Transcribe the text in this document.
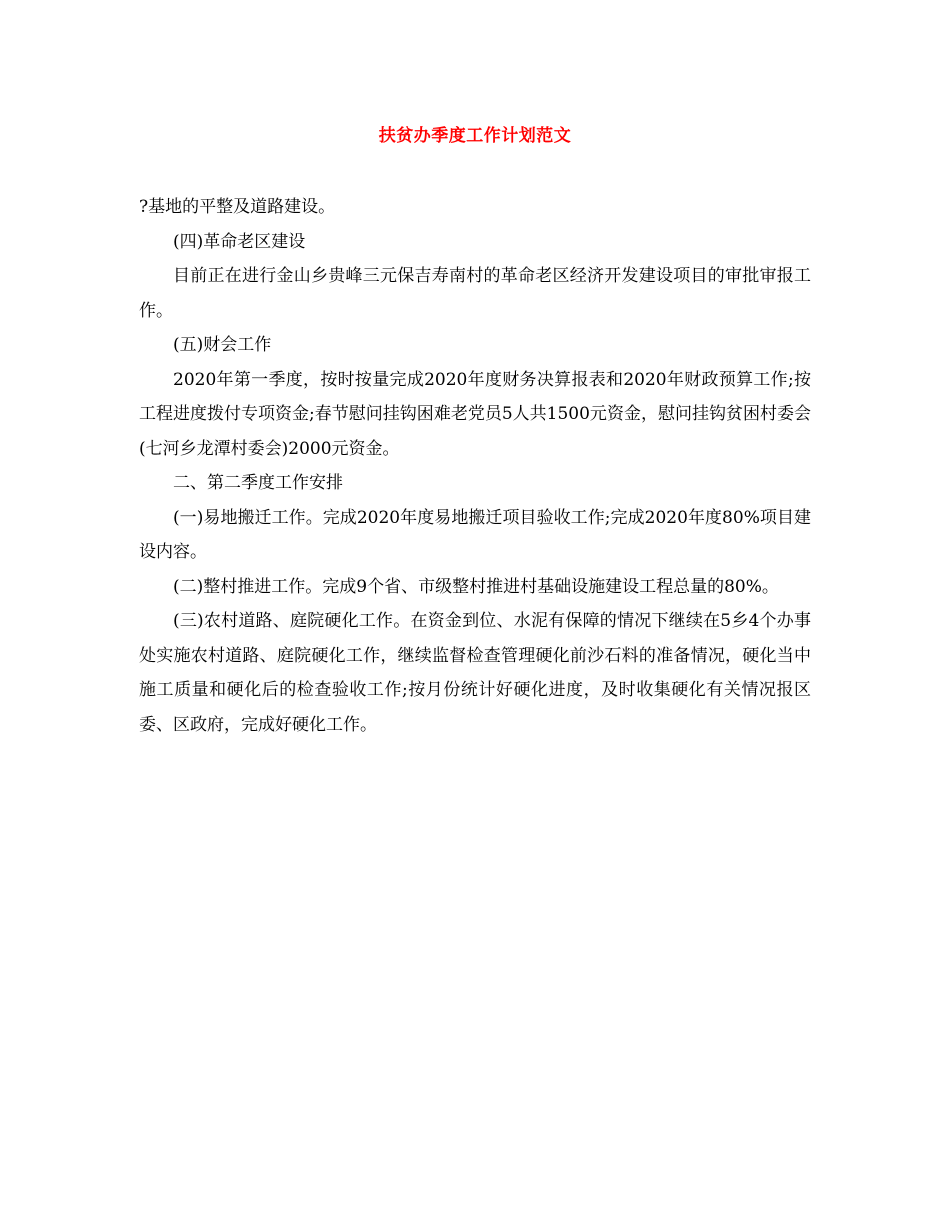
扶贫办季度工作计划范文

?基地的平整及道路建设。

(四)革命老区建设

目前正在进行金山乡贵峰三元保吉寿南村的革命老区经济开发建设项目的审批审报工作。

(五)财会工作

2020年第一季度，按时按量完成2020年度财务决算报表和2020年财政预算工作;按工程进度拨付专项资金;春节慰问挂钩困难老党员5人共1500元资金，慰问挂钩贫困村委会(七河乡龙潭村委会)2000元资金。

二、第二季度工作安排

(一)易地搬迁工作。完成2020年度易地搬迁项目验收工作;完成2020年度80%项目建设内容。

(二)整村推进工作。完成9个省、市级整村推进村基础设施建设工程总量的80%。

(三)农村道路、庭院硬化工作。在资金到位、水泥有保障的情况下继续在5乡4个办事处实施农村道路、庭院硬化工作，继续监督检查管理硬化前沙石料的准备情况，硬化当中施工质量和硬化后的检查验收工作;按月份统计好硬化进度，及时收集硬化有关情况报区委、区政府，完成好硬化工作。
